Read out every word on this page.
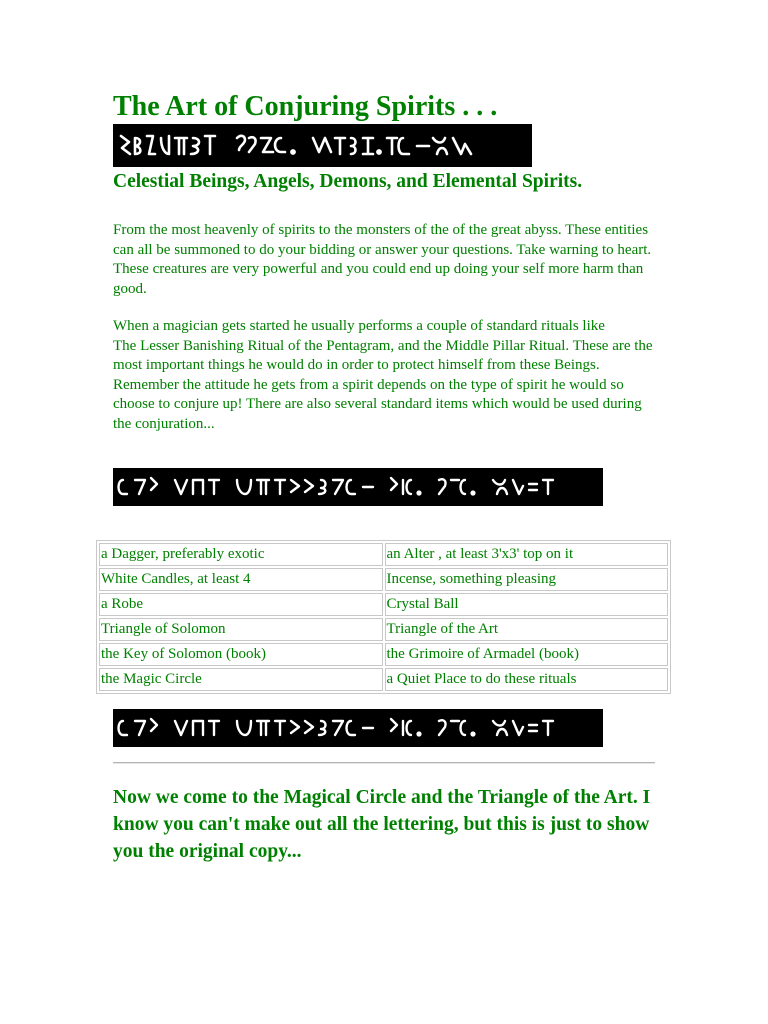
The Art of Conjuring Spirits . . .

Celestial Beings, Angels, Demons, and Elemental Spirits.

From the most heavenly of spirits to the monsters of the of the great abyss. These entities can all be summoned to do your bidding or answer your questions. Take warning to heart. These creatures are very powerful and you could end up doing your self more harm than good.

When a magician gets started he usually performs a couple of standard rituals like
The Lesser Banishing Ritual of the Pentagram, and the Middle Pillar Ritual. These are the most important things he would do in order to protect himself from these Beings. Remember the attitude he gets from a spirit depends on the type of spirit he would so choose to conjure up! There are also several standard items which would be used during the conjuration...

a Dagger, preferably exotic	an Alter , at least 3'x3' top on it
White Candles, at least 4	Incense, something pleasing
a Robe	Crystal Ball
Triangle of Solomon	Triangle of the Art
the Key of Solomon (book)	the Grimoire of Armadel (book)
the Magic Circle	a Quiet Place to do these rituals

Now we come to the Magical Circle and the Triangle of the Art. I know you can't make out all the lettering, but this is just to show you the original copy...
